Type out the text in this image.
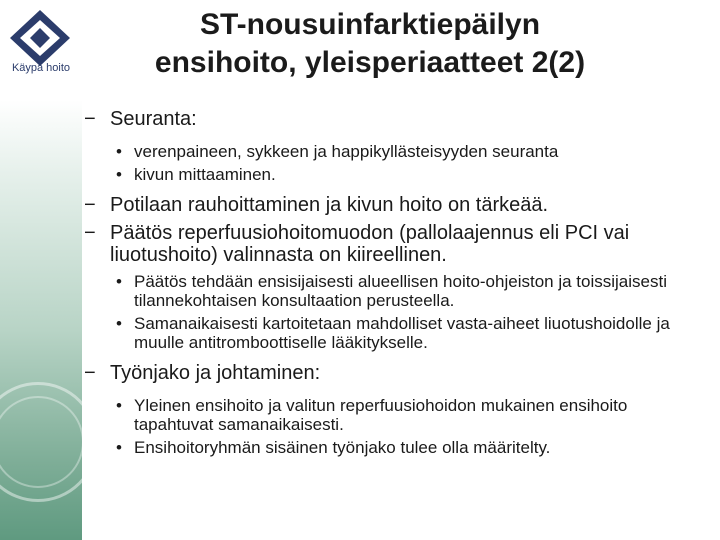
Käypä hoito
ST-nousuinfarktiepäilyn
ensihoito, yleisperiaatteet 2(2)
− Seuranta:
• verenpaineen, sykkeen ja happikyllästeisyyden seuranta
• kivun mittaaminen.
− Potilaan rauhoittaminen ja kivun hoito on tärkeää.
− Päätös reperfuusiohoitomuodon (pallolaajennus eli PCI vai liuotushoito) valinnasta on kiireellinen.
• Päätös tehdään ensisijaisesti alueellisen hoito-ohjeiston ja toissijaisesti tilannekohtaisen konsultaation perusteella.
• Samanaikaisesti kartoitetaan mahdolliset vasta-aiheet liuotushoidolle ja muulle antitromboottiselle lääkitykselle.
− Työnjako ja johtaminen:
• Yleinen ensihoito ja valitun reperfuusiohoidon mukainen ensihoito tapahtuvat samanaikaisesti.
• Ensihoitoryhmän sisäinen työnjako tulee olla määritelty.
